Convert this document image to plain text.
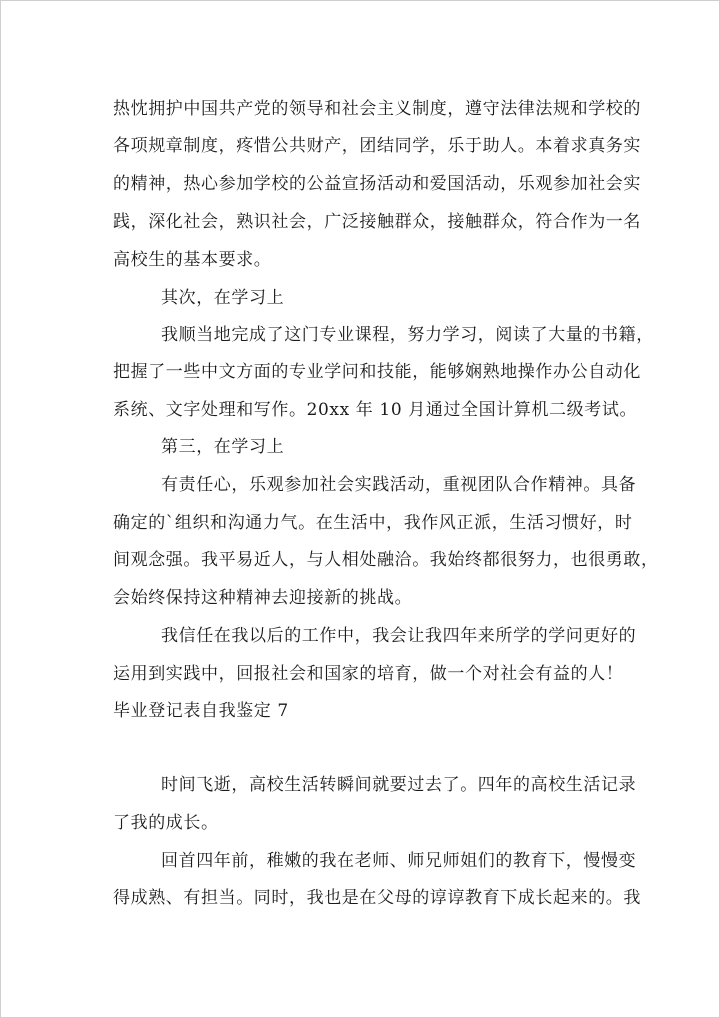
热忱拥护中国共产党的领导和社会主义制度，遵守法律法规和学校的
各项规章制度，疼惜公共财产，团结同学，乐于助人。本着求真务实
的精神，热心参加学校的公益宣扬活动和爱国活动，乐观参加社会实
践，深化社会，熟识社会，广泛接触群众，接触群众，符合作为一名
高校生的基本要求。
其次，在学习上
我顺当地完成了这门专业课程，努力学习，阅读了大量的书籍，
把握了一些中文方面的专业学问和技能，能够娴熟地操作办公自动化
系统、文字处理和写作。20xx 年 10 月通过全国计算机二级考试。
第三，在学习上
有责任心，乐观参加社会实践活动，重视团队合作精神。具备
确定的`组织和沟通力气。在生活中，我作风正派，生活习惯好，时
间观念强。我平易近人，与人相处融洽。我始终都很努力，也很勇敢，
会始终保持这种精神去迎接新的挑战。
我信任在我以后的工作中，我会让我四年来所学的学问更好的
运用到实践中，回报社会和国家的培育，做一个对社会有益的人！
毕业登记表自我鉴定 7
时间飞逝，高校生活转瞬间就要过去了。四年的高校生活记录
了我的成长。
回首四年前，稚嫩的我在老师、师兄师姐们的教育下，慢慢变
得成熟、有担当。同时，我也是在父母的谆谆教育下成长起来的。我
